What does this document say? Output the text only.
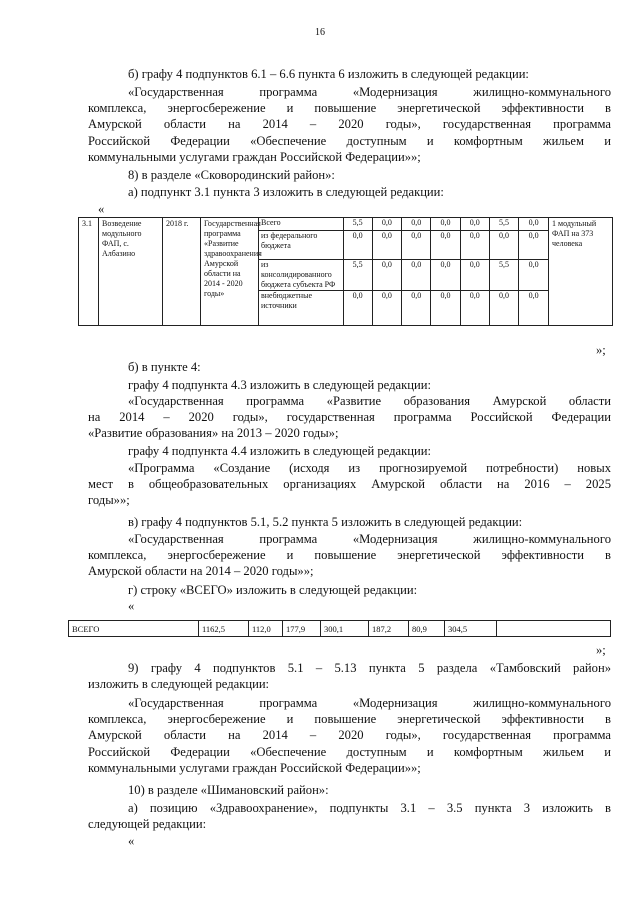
16
б) графу 4 подпунктов 6.1 – 6.6 пункта 6 изложить в следующей редакции:
«Государственная программа «Модернизация жилищно-коммунального
комплекса, энергосбережение и повышение энергетической эффективности в
Амурской области на 2014 – 2020 годы», государственная программа
Российской Федерации «Обеспечение доступным и комфортным жильем и
коммунальными услугами граждан Российской Федерации»»;
8) в разделе «Сковородинский район»:
а) подпункт 3.1 пункта 3 изложить в следующей редакции:
«
3.1	Возведение модульного ФАП, с. Албазино	2018 г.	Государственная программа «Развитие здравоохранения Амурской области на 2014 - 2020 годы»	
Всего	5,5	0,0	0,0	0,0	0,0	5,5	0,0
из федерального бюджета	0,0	0,0	0,0	0,0	0,0	0,0	0,0
из консолидированного бюджета субъекта РФ	5,5	0,0	0,0	0,0	0,0	5,5	0,0
внебюджетные источники	0,0	0,0	0,0	0,0	0,0	0,0	0,0
	1 модульный ФАП на 373 человека
»;
б) в пункте 4:
графу 4 подпункта 4.3 изложить в следующей редакции:
«Государственная программа «Развитие образования Амурской области
на 2014 – 2020 годы», государственная программа Российской Федерации
«Развитие образования» на 2013 – 2020 годы»;
графу 4 подпункта 4.4 изложить в следующей редакции:
«Программа «Создание (исходя из прогнозируемой потребности) новых
мест в общеобразовательных организациях Амурской области на 2016 – 2025
годы»»;
в) графу 4 подпунктов 5.1, 5.2 пункта 5 изложить в следующей редакции:
«Государственная программа «Модернизация жилищно-коммунального
комплекса, энергосбережение и повышение энергетической эффективности в
Амурской области на 2014 – 2020 годы»»;
г) строку «ВСЕГО» изложить в следующей редакции:
«
ВСЕГО	1162,5	112,0	177,9	300,1	187,2	80,9	304,5	
»;
9) графу 4 подпунктов 5.1 – 5.13 пункта 5 раздела «Тамбовский район»
изложить в следующей редакции:
«Государственная программа «Модернизация жилищно-коммунального
комплекса, энергосбережение и повышение энергетической эффективности в
Амурской области на 2014 – 2020 годы», государственная программа
Российской Федерации «Обеспечение доступным и комфортным жильем и
коммунальными услугами граждан Российской Федерации»»;
10) в разделе «Шимановский район»:
а) позицию «Здравоохранение», подпункты 3.1 – 3.5 пункта 3 изложить в
следующей редакции:
«
